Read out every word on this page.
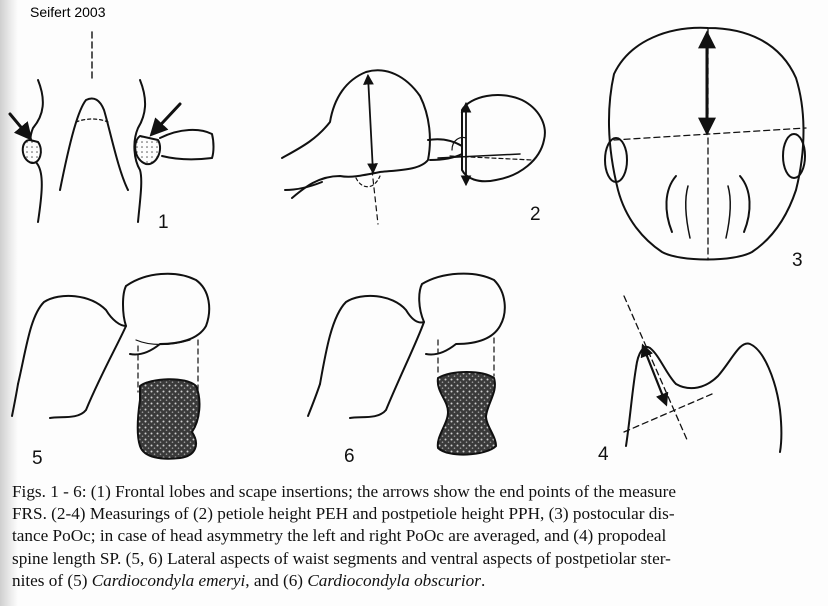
Seifert 2003
1	2
3
5	6	4

Figs. 1 - 6: (1) Frontal lobes and scape insertions; the arrows show the end points of the measure
FRS. (2-4) Measurings of (2) petiole height PEH and postpetiole height PPH, (3) postocular dis-
tance PoOc; in case of head asymmetry the left and right PoOc are averaged, and (4) propodeal
spine length SP. (5, 6) Lateral aspects of waist segments and ventral aspects of postpetiolar ster-
nites of (5) Cardiocondyla emeryi, and (6) Cardiocondyla obscurior.
